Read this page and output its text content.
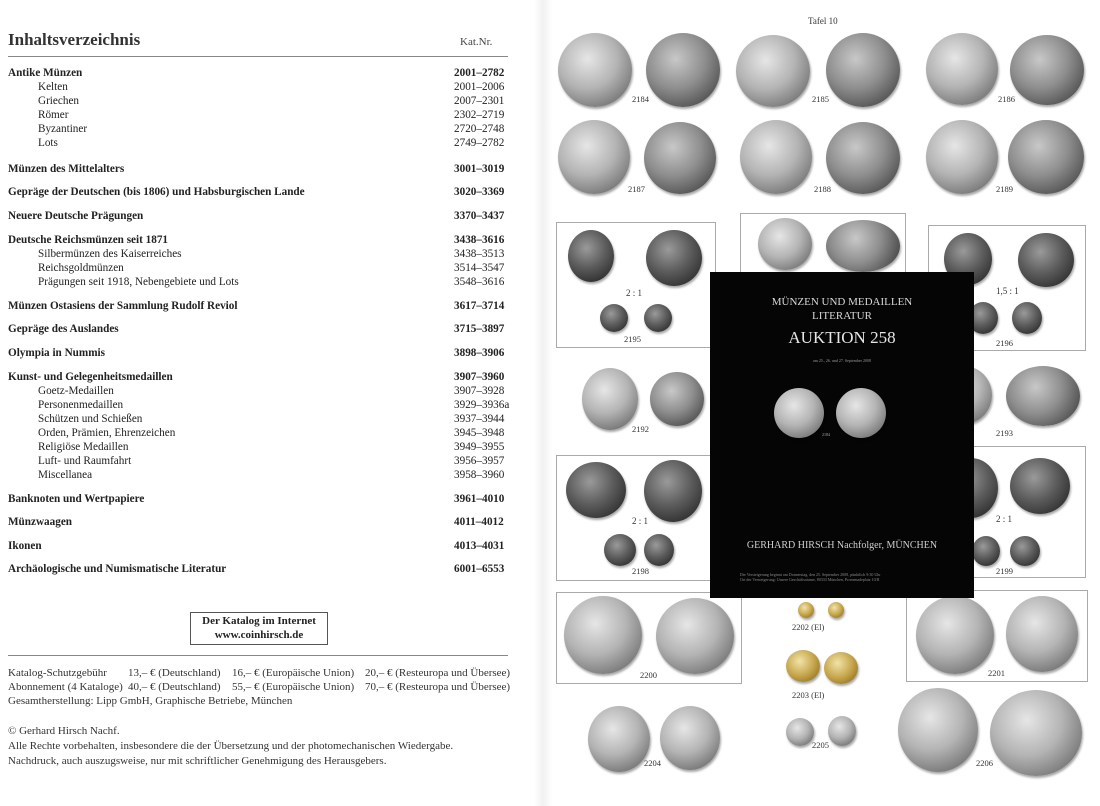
Inhaltsverzeichnis	Kat.Nr.
Antike Münzen	2001–2782
Kelten	2001–2006
Griechen	2007–2301
Römer	2302–2719
Byzantiner	2720–2748
Lots	2749–2782
Münzen des Mittelalters	3001–3019
Gepräge der Deutschen (bis 1806) und Habsburgischen Lande	3020–3369
Neuere Deutsche Prägungen	3370–3437
Deutsche Reichsmünzen seit 1871	3438–3616
Silbermünzen des Kaiserreiches	3438–3513
Reichsgoldmünzen	3514–3547
Prägungen seit 1918, Nebengebiete und Lots	3548–3616
Münzen Ostasiens der Sammlung Rudolf Reviol	3617–3714
Gepräge des Auslandes	3715–3897
Olympia in Nummis	3898–3906
Kunst- und Gelegenheitsmedaillen	3907–3960
Goetz-Medaillen	3907–3928
Personenmedaillen	3929–3936a
Schützen und Schießen	3937–3944
Orden, Prämien, Ehrenzeichen	3945–3948
Religiöse Medaillen	3949–3955
Luft- und Raumfahrt	3956–3957
Miscellanea	3958–3960
Banknoten und Wertpapiere	3961–4010
Münzwaagen	4011–4012
Ikonen	4013–4031
Archäologische und Numismatische Literatur	6001–6553
Der Katalog im Internet
www.coinhirsch.de
Katalog-Schutzgebühr 13,– € (Deutschland) 16,– € (Europäische Union) 20,– € (Resteuropa und Übersee)
Abonnement (4 Kataloge) 40,– € (Deutschland) 55,– € (Europäische Union) 70,– € (Resteuropa und Übersee)
Gesamtherstellung: Lipp GmbH, Graphische Betriebe, München
© Gerhard Hirsch Nachf.
Alle Rechte vorbehalten, insbesondere die der Übersetzung und der photomechanischen Wiedergabe.
Nachdruck, auch auszugsweise, nur mit schriftlicher Genehmigung des Herausgebers.
Tafel 10
2184	2185	2186
2187	2188	2189
2 : 1
2195
1,5 : 1
2196
2192	2193
2 : 1
2198
2 : 1
2199
2200
2202 (El)
2201
2203 (El)
2204
2205
2206
MÜNZEN UND MEDAILLEN
LITERATUR
AUKTION 258
am 25., 26. und 27. September 2008
2184
GERHARD HIRSCH Nachfolger, MÜNCHEN
Die Versteigerung beginnt am Donnerstag, den 25. September 2008, pünktlich 9:30 Uhr
Ort der Versteigerung: Unsere Geschäftsräume, 80333 München, Promenadeplatz 10/II
